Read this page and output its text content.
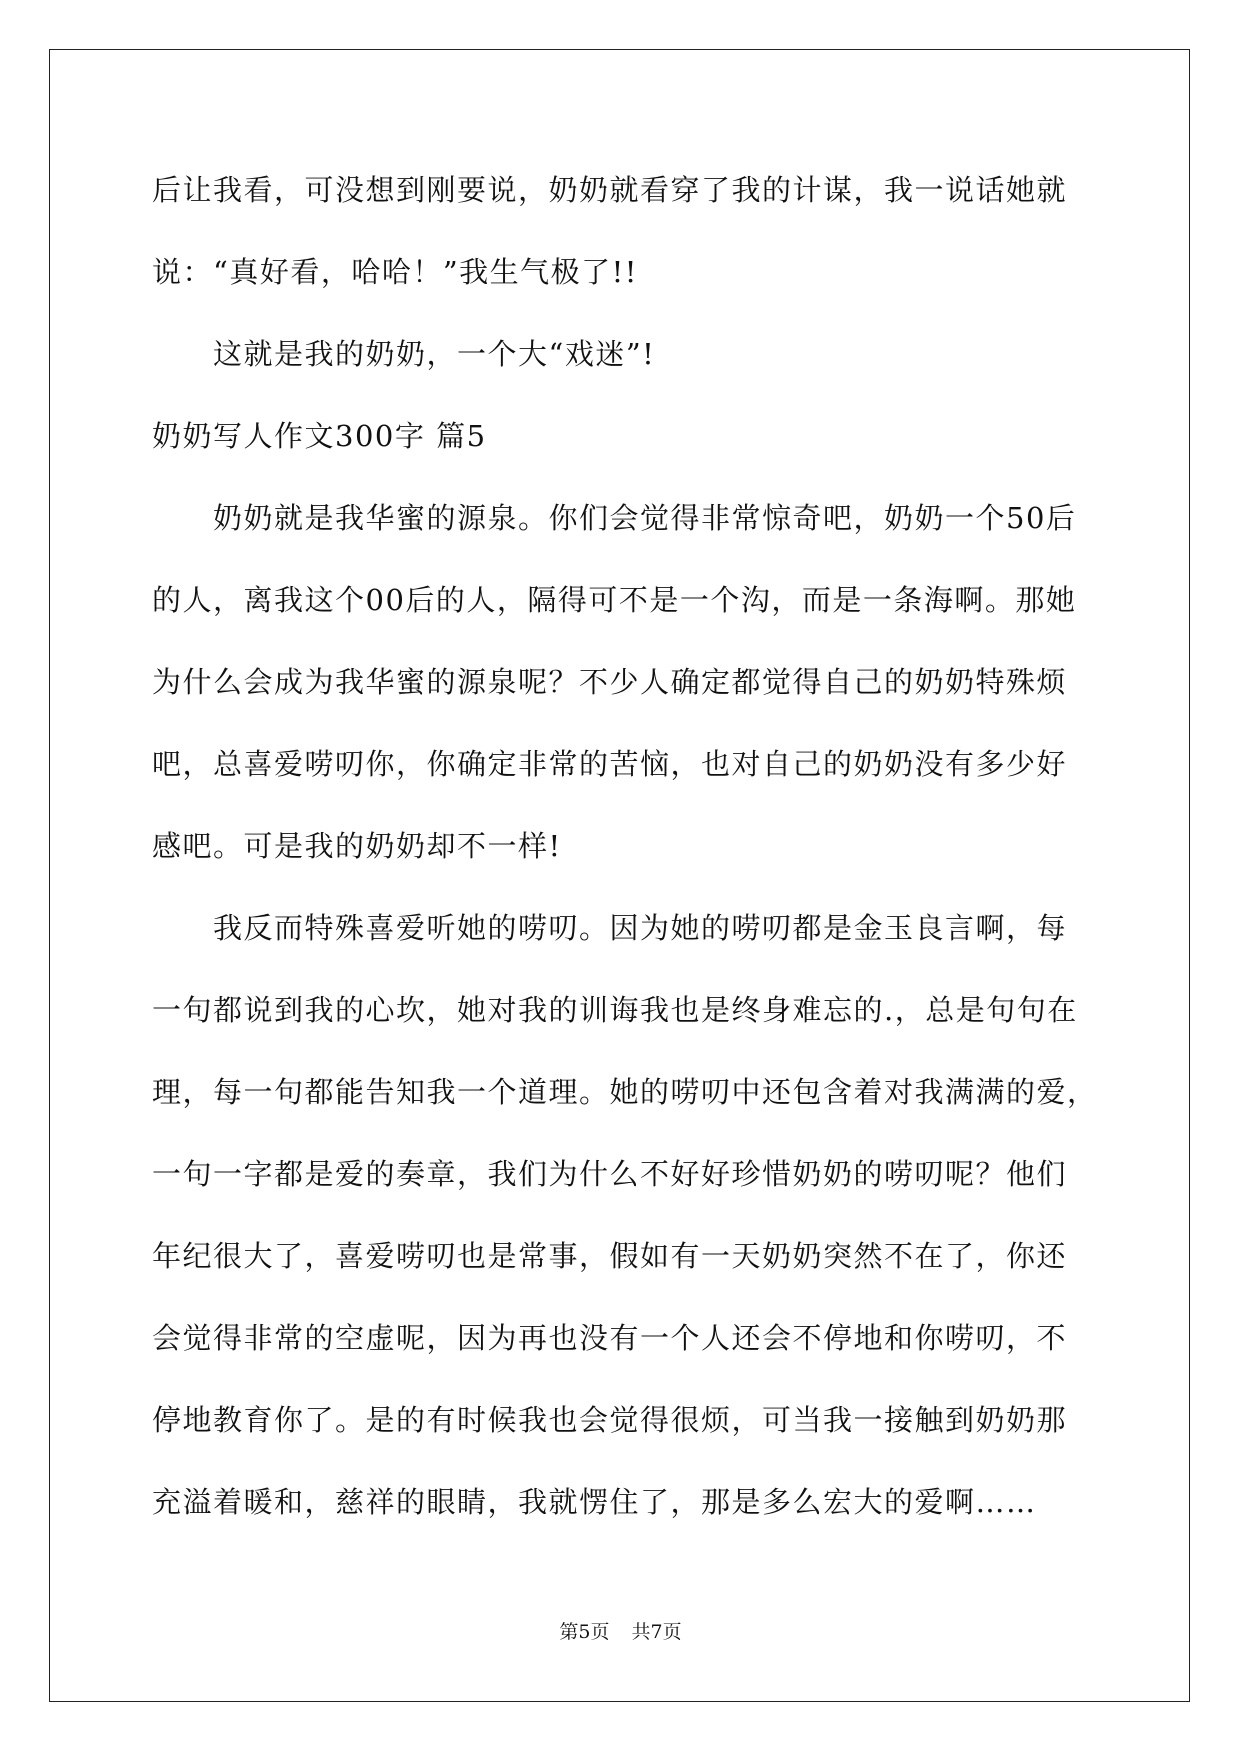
后让我看，可没想到刚要说，奶奶就看穿了我的计谋，我一说话她就
说：“真好看，哈哈！”我生气极了!!
这就是我的奶奶，一个大“戏迷”!
奶奶写人作文300字 篇5
奶奶就是我华蜜的源泉。你们会觉得非常惊奇吧，奶奶一个50后
的人，离我这个00后的人，隔得可不是一个沟，而是一条海啊。那她
为什么会成为我华蜜的源泉呢？不少人确定都觉得自己的奶奶特殊烦
吧，总喜爱唠叨你，你确定非常的苦恼，也对自己的奶奶没有多少好
感吧。可是我的奶奶却不一样!
我反而特殊喜爱听她的唠叨。因为她的唠叨都是金玉良言啊，每
一句都说到我的心坎，她对我的训诲我也是终身难忘的.，总是句句在
理，每一句都能告知我一个道理。她的唠叨中还包含着对我满满的爱，
一句一字都是爱的奏章，我们为什么不好好珍惜奶奶的唠叨呢？他们
年纪很大了，喜爱唠叨也是常事，假如有一天奶奶突然不在了，你还
会觉得非常的空虚呢，因为再也没有一个人还会不停地和你唠叨，不
停地教育你了。是的有时候我也会觉得很烦，可当我一接触到奶奶那
充溢着暖和，慈祥的眼睛，我就愣住了，那是多么宏大的爱啊……
第5页 共7页
